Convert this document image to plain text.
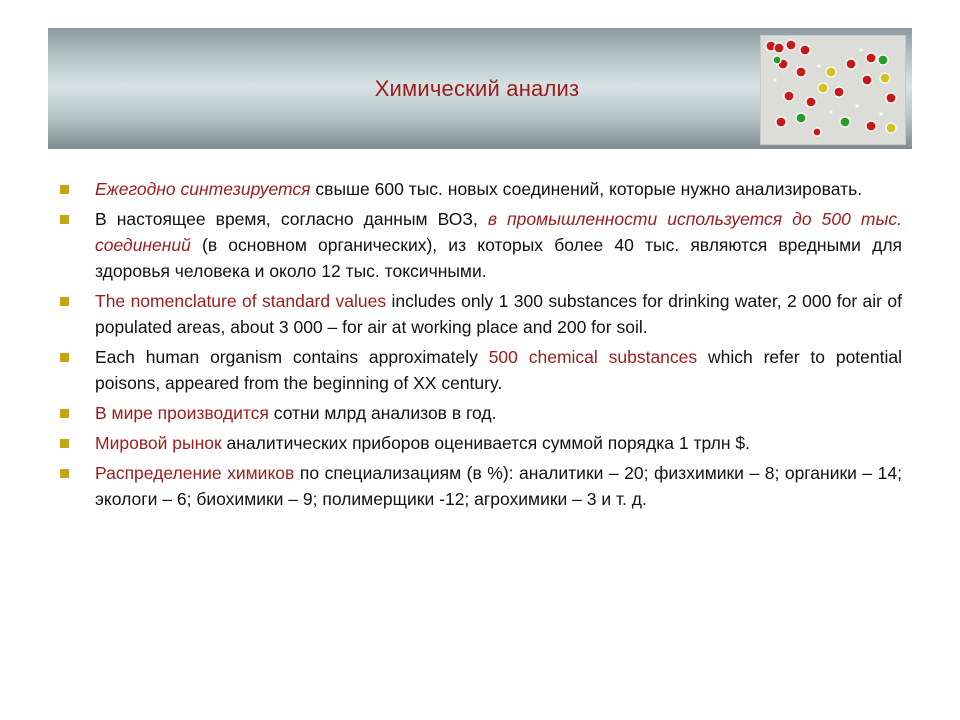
Химический анализ
Ежегодно синтезируется свыше 600 тыс. новых соединений, которые нужно анализировать.
В настоящее время, согласно данным ВОЗ, в промышленности используется до 500 тыс. соединений (в основном органических), из которых более 40 тыс. являются вредными для здоровья человека и около 12 тыс. токсичными.
The nomenclature of standard values includes only 1 300 substances for drinking water, 2 000 for air of populated areas, about 3 000 – for air at working place and 200 for soil.
Each human organism contains approximately 500 chemical substances which refer to potential poisons, appeared from the beginning of XX century.
В мире производится сотни млрд анализов в год.
Мировой рынок аналитических приборов оценивается суммой порядка 1 трлн $.
Распределение химиков по специализациям (в %): аналитики – 20; физхимики – 8; органики – 14; экологи – 6; биохимики – 9; полимерщики -12; агрохимики – 3 и т. д.
